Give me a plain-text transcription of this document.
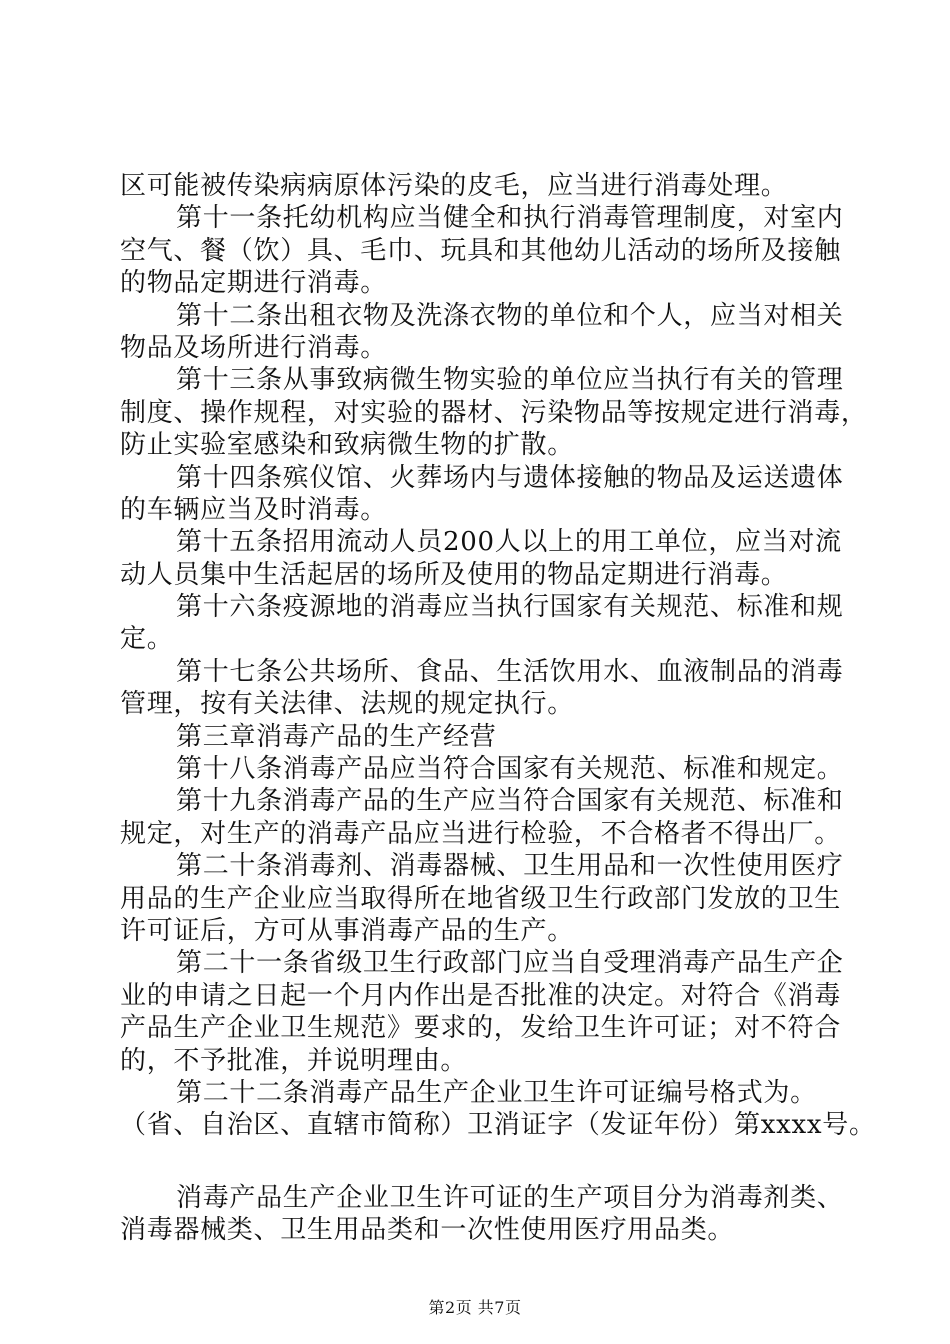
区可能被传染病病原体污染的皮毛，应当进行消毒处理。
第十一条托幼机构应当健全和执行消毒管理制度，对室内
空气、餐（饮）具、毛巾、玩具和其他幼儿活动的场所及接触
的物品定期进行消毒。
第十二条出租衣物及洗涤衣物的单位和个人，应当对相关
物品及场所进行消毒。
第十三条从事致病微生物实验的单位应当执行有关的管理
制度、操作规程，对实验的器材、污染物品等按规定进行消毒，
防止实验室感染和致病微生物的扩散。
第十四条殡仪馆、火葬场内与遗体接触的物品及运送遗体
的车辆应当及时消毒。
第十五条招用流动人员200人以上的用工单位，应当对流
动人员集中生活起居的场所及使用的物品定期进行消毒。
第十六条疫源地的消毒应当执行国家有关规范、标准和规
定。
第十七条公共场所、食品、生活饮用水、血液制品的消毒
管理，按有关法律、法规的规定执行。
第三章消毒产品的生产经营
第十八条消毒产品应当符合国家有关规范、标准和规定。
第十九条消毒产品的生产应当符合国家有关规范、标准和
规定，对生产的消毒产品应当进行检验，不合格者不得出厂。
第二十条消毒剂、消毒器械、卫生用品和一次性使用医疗
用品的生产企业应当取得所在地省级卫生行政部门发放的卫生
许可证后，方可从事消毒产品的生产。
第二十一条省级卫生行政部门应当自受理消毒产品生产企
业的申请之日起一个月内作出是否批准的决定。对符合《消毒
产品生产企业卫生规范》要求的，发给卫生许可证；对不符合
的，不予批准，并说明理由。
第二十二条消毒产品生产企业卫生许可证编号格式为。
（省、自治区、直辖市简称）卫消证字（发证年份）第xxxx号。
消毒产品生产企业卫生许可证的生产项目分为消毒剂类、
消毒器械类、卫生用品类和一次性使用医疗用品类。
第2页 共7页
